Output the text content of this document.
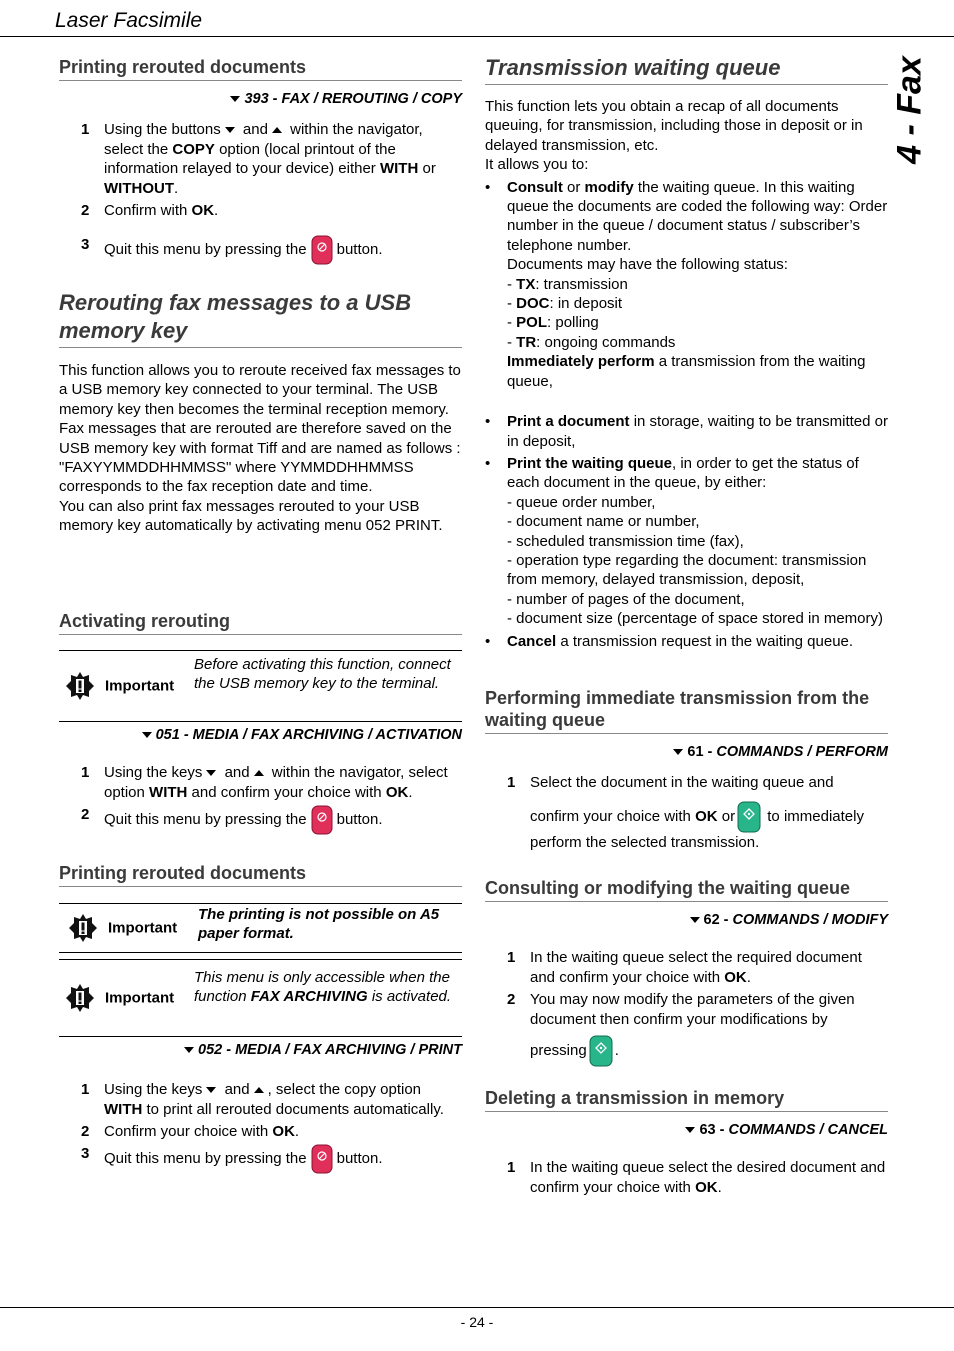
Laser Facsimile
4 - Fax
- 24 -
Printing rerouted documents
393 - FAX / REROUTING / COPY
1 Using the buttons and within the navigator, select the COPY option (local printout of the information relayed to your device) either WITH or WITHOUT.
2 Confirm with OK.
3 Quit this menu by pressing the button.
Rerouting fax messages to a USB memory key
This function allows you to reroute received fax messages to a USB memory key connected to your terminal. The USB memory key then becomes the terminal reception memory.
Fax messages that are rerouted are therefore saved on the USB memory key with format Tiff and are named as follows : "FAXYYMMDDHHMMSS" where YYMMDDHHMMSS corresponds to the fax reception date and time.
You can also print fax messages rerouted to your USB memory key automatically by activating menu 052 PRINT.
Activating rerouting
Important
Before activating this function, connect the USB memory key to the terminal.
051 - MEDIA / FAX ARCHIVING / ACTIVATION
1 Using the keys and within the navigator, select option WITH and confirm your choice with OK.
2 Quit this menu by pressing the button.
Printing rerouted documents
Important
The printing is not possible on A5 paper format.
Important
This menu is only accessible when the function FAX ARCHIVING is activated.
052 - MEDIA / FAX ARCHIVING / PRINT
1 Using the keys and , select the copy option WITH to print all rerouted documents automatically.
2 Confirm your choice with OK.
3 Quit this menu by pressing the button.
Transmission waiting queue
This function lets you obtain a recap of all documents queuing, for transmission, including those in deposit or in delayed transmission, etc.
It allows you to:
• Consult or modify the waiting queue. In this waiting queue the documents are coded the following way: Order number in the queue / document status / subscriber’s telephone number.
Documents may have the following status:
- TX: transmission
- DOC: in deposit
- POL: polling
- TR: ongoing commands
Immediately perform a transmission from the waiting queue,
• Print a document in storage, waiting to be transmitted or in deposit,
• Print the waiting queue, in order to get the status of each document in the queue, by either:
- queue order number,
- document name or number,
- scheduled transmission time (fax),
- operation type regarding the document: transmission from memory, delayed transmission, deposit,
- number of pages of the document,
- document size (percentage of space stored in memory)
• Cancel a transmission request in the waiting queue.
Performing immediate transmission from the waiting queue
61 - COMMANDS / PERFORM
1 Select the document in the waiting queue and
confirm your choice with OK or to immediately perform the selected transmission.
Consulting or modifying the waiting queue
62 - COMMANDS / MODIFY
1 In the waiting queue select the required document and confirm your choice with OK.
2 You may now modify the parameters of the given document then confirm your modifications by
pressing .
Deleting a transmission in memory
63 - COMMANDS / CANCEL
1 In the waiting queue select the desired document and confirm your choice with OK.
